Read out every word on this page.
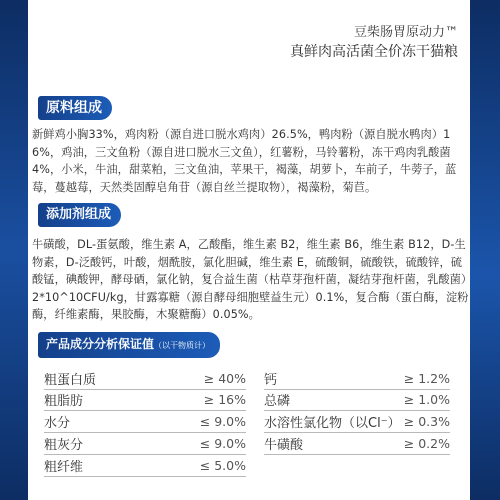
豆柴肠胃原动力™
真鲜肉高活菌全价冻干猫粮
原料组成
新鲜鸡小胸33%，鸡肉粉（源自进口脱水鸡肉）26.5%，鸭肉粉（源自脱水鸭肉）16%，鸡油，三文鱼粉（源自进口脱水三文鱼），红薯粉，马铃薯粉，冻干鸡肉乳酸菌4%，小米，牛油，甜菜粕，三文鱼油，苹果干，褐藻，胡萝卜，车前子，牛蒡子，蓝莓，蔓越莓，天然类固醇皂角苷（源自丝兰提取物），褐藻粉，菊苣。
添加剂组成
牛磺酸，DL-蛋氨酸，维生素 A，乙酸酯，维生素 B2，维生素 B6，维生素 B12，D-生物素，D-泛酸钙，叶酸，烟酰胺，氯化胆碱，维生素 E，硫酸铜，硫酸铁，硫酸锌，硫酸锰，碘酸钾，酵母硒，氯化钠，复合益生菌（枯草芽孢杆菌，凝结芽孢杆菌，乳酸菌）2*10^10CFU/kg，甘露寡糖（源自酵母细胞壁益生元）0.1%，复合酶（蛋白酶，淀粉酶，纤维素酶，果胶酶，木聚糖酶）0.05%。
产品成分分析保证值（以干物质计）
粗蛋白质	≥ 40%
粗脂肪	≥ 16%
水分	≤ 9.0%
粗灰分	≤ 9.0%
粗纤维	≤ 5.0%
钙	≥ 1.2%
总磷	≥ 1.0%
水溶性氯化物（以Cl⁻） ≥ 0.3%
牛磺酸	≥ 0.2%
